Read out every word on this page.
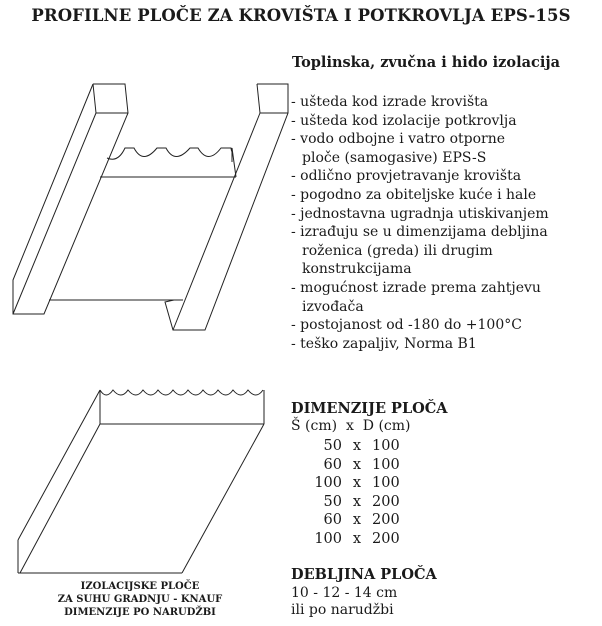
PROFILNE PLOČE ZA KROVIŠTA I POTKROVLJA EPS-15S
Toplinska, zvučna i hido izolacija
- ušteda kod izrade krovišta
- ušteda kod izolacije potkrovlja
- vodo odbojne i vatro otporne
ploče (samogasive) EPS-S
- odlično provjetravanje krovišta
- pogodno za obiteljske kuće i hale
- jednostavna ugradnja utiskivanjem
- izrađuju se u dimenzijama debljina
roženica (greda) ili drugim
konstrukcijama
- mogućnost izrade prema zahtjevu
izvođača
- postojanost od -180 do +100°C
- teško zapaljiv, Norma B1
DIMENZIJE PLOČA
Š (cm)  x  D (cm)
50	x	100
60	x	100
100	x	100
50	x	200
60	x	200
100	x	200
DEBLJINA PLOČA
10 - 12 - 14 cm
ili po narudžbi
IZOLACIJSKE PLOČE
ZA SUHU GRADNJU - KNAUF
DIMENZIJE PO NARUDŽBI
